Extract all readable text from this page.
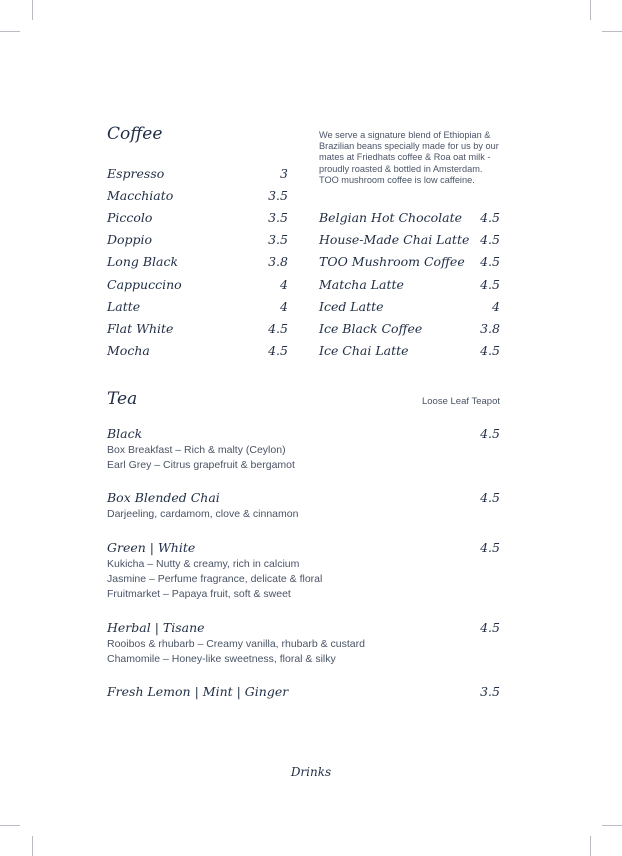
Coffee	We serve a signature blend of Ethiopian & Brazilian beans specially made for us by our mates at Friedhats coffee & Roa oat milk - proudly roasted & bottled in Amsterdam. TOO mushroom coffee is low caffeine.
Espresso	3
Macchiato	3.5
Piccolo	3.5
Doppio	3.5
Long Black	3.8
Cappuccino	4
Latte	4
Flat White	4.5
Mocha	4.5
Belgian Hot Chocolate 4.5
House-Made Chai Latte 4.5
TOO Mushroom Coffee 4.5
Matcha Latte	4.5
Iced Latte	4
Ice Black Coffee	3.8
Ice Chai Latte	4.5
Tea	Loose Leaf Teapot
Black	4.5
Box Breakfast – Rich & malty (Ceylon)
Earl Grey – Citrus grapefruit & bergamot
Box Blended Chai	4.5
Darjeeling, cardamom, clove & cinnamon
Green | White	4.5
Kukicha – Nutty & creamy, rich in calcium
Jasmine – Perfume fragrance, delicate & floral
Fruitmarket – Papaya fruit, soft & sweet
Herbal | Tisane	4.5
Rooibos & rhubarb – Creamy vanilla, rhubarb & custard
Chamomile – Honey-like sweetness, floral & silky
Fresh Lemon | Mint | Ginger	3.5
Drinks
